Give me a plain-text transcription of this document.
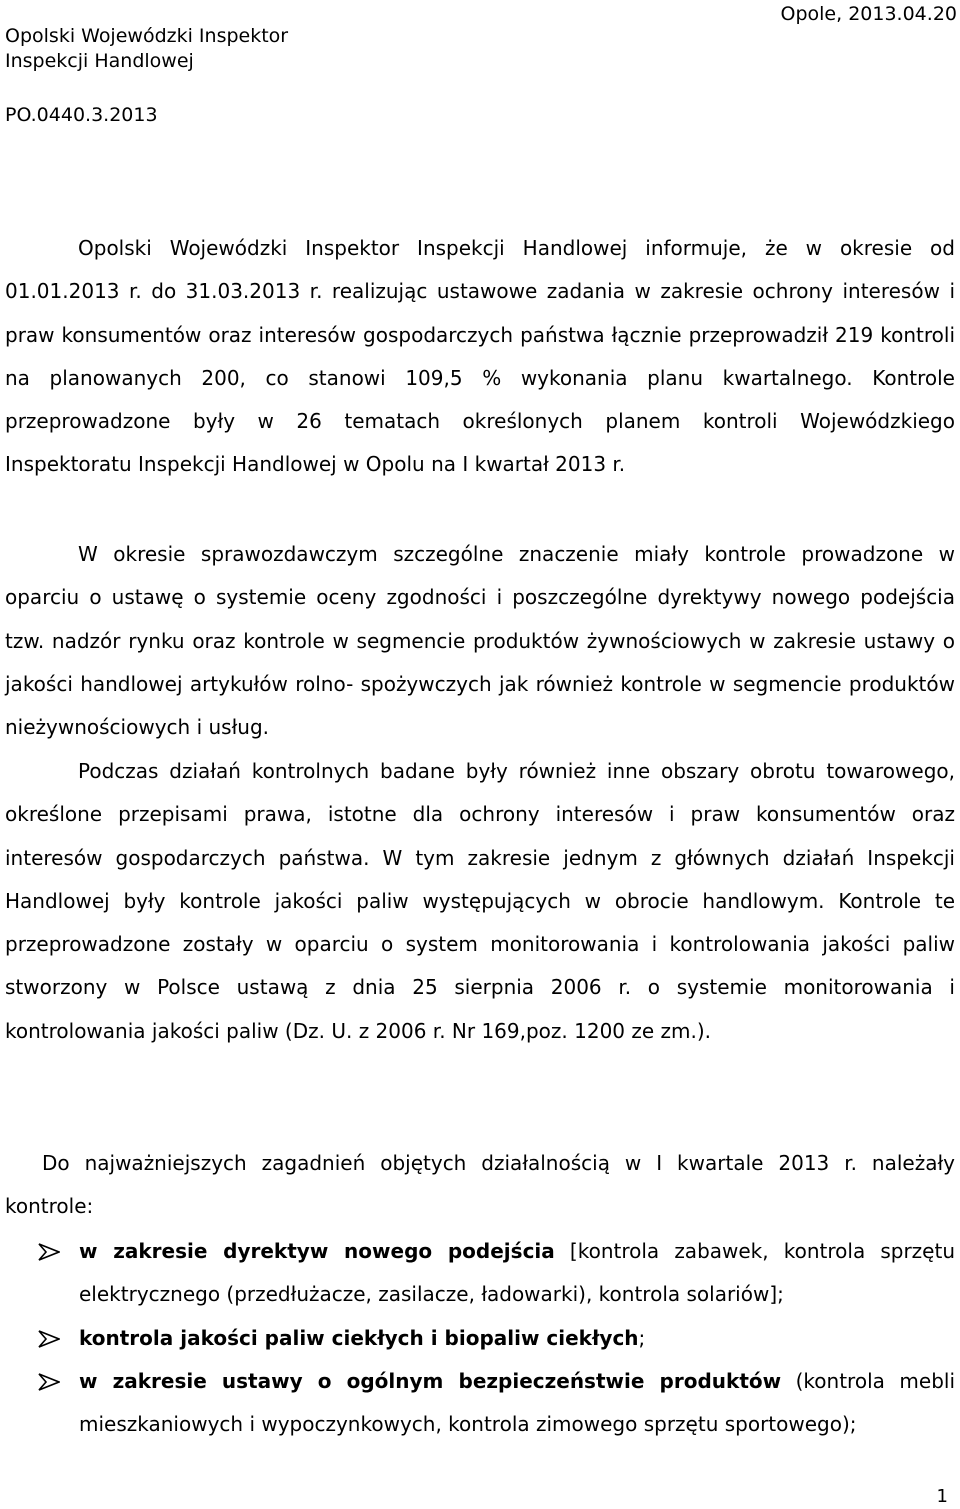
Opolski Wojewódzki Inspektor
Inspekcji Handlowej
Opole, 2013.04.20
PO.0440.3.2013

Opolski Wojewódzki Inspektor Inspekcji Handlowej informuje, że w okresie od 01.01.2013 r. do 31.03.2013 r. realizując ustawowe zadania w zakresie ochrony interesów i praw konsumentów oraz interesów gospodarczych państwa łącznie przeprowadził 219 kontroli na planowanych 200, co stanowi 109,5 % wykonania planu kwartalnego. Kontrole przeprowadzone były w 26 tematach określonych planem kontroli Wojewódzkiego Inspektoratu Inspekcji Handlowej w Opolu na I kwartał 2013 r.

W okresie sprawozdawczym szczególne znaczenie miały kontrole prowadzone w oparciu o ustawę o systemie oceny zgodności i poszczególne dyrektywy nowego podejścia tzw. nadzór rynku oraz kontrole w segmencie produktów żywnościowych w zakresie ustawy o jakości handlowej artykułów rolno- spożywczych jak również kontrole w segmencie produktów nieżywnościowych i usług.

Podczas działań kontrolnych badane były również inne obszary obrotu towarowego, określone przepisami prawa, istotne dla ochrony interesów i praw konsumentów oraz interesów gospodarczych państwa. W tym zakresie jednym z głównych działań Inspekcji Handlowej były kontrole jakości paliw występujących w obrocie handlowym. Kontrole te przeprowadzone zostały w oparciu o system monitorowania i kontrolowania jakości paliw stworzony w Polsce ustawą z dnia 25 sierpnia 2006 r. o systemie monitorowania i kontrolowania jakości paliw (Dz. U. z 2006 r. Nr 169,poz. 1200 ze zm.).

Do najważniejszych zagadnień objętych działalnością w I kwartale 2013 r. należały kontrole:

w zakresie dyrektyw nowego podejścia [kontrola zabawek, kontrola sprzętu elektrycznego (przedłużacze, zasilacze, ładowarki), kontrola solariów];
kontrola jakości paliw ciekłych i biopaliw ciekłych;
w zakresie ustawy o ogólnym bezpieczeństwie produktów (kontrola mebli mieszkaniowych i wypoczynkowych, kontrola zimowego sprzętu sportowego);
1
